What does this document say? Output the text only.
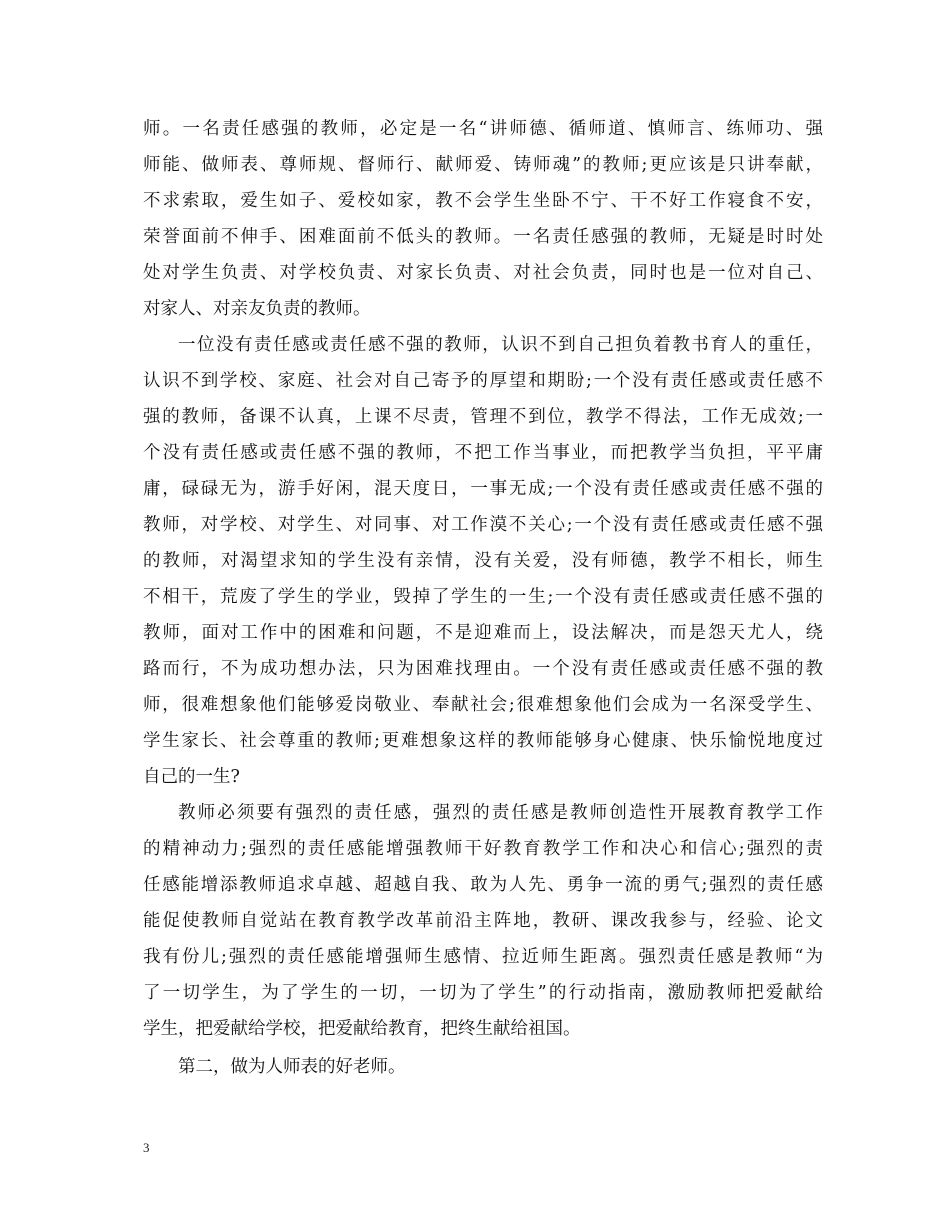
师。一名责任感强的教师，必定是一名“讲师德、循师道、慎师言、练师功、强
师能、做师表、尊师规、督师行、献师爱、铸师魂”的教师;更应该是只讲奉献，
不求索取，爱生如子、爱校如家，教不会学生坐卧不宁、干不好工作寝食不安，
荣誉面前不伸手、困难面前不低头的教师。一名责任感强的教师，无疑是时时处
处对学生负责、对学校负责、对家长负责、对社会负责，同时也是一位对自己、
对家人、对亲友负责的教师。
一位没有责任感或责任感不强的教师，认识不到自己担负着教书育人的重任，
认识不到学校、家庭、社会对自己寄予的厚望和期盼;一个没有责任感或责任感不
强的教师，备课不认真，上课不尽责，管理不到位，教学不得法，工作无成效;一
个没有责任感或责任感不强的教师，不把工作当事业，而把教学当负担，平平庸
庸，碌碌无为，游手好闲，混天度日，一事无成;一个没有责任感或责任感不强的
教师，对学校、对学生、对同事、对工作漠不关心;一个没有责任感或责任感不强
的教师，对渴望求知的学生没有亲情，没有关爱，没有师德，教学不相长，师生
不相干，荒废了学生的学业，毁掉了学生的一生;一个没有责任感或责任感不强的
教师，面对工作中的困难和问题，不是迎难而上，设法解决，而是怨天尤人，绕
路而行，不为成功想办法，只为困难找理由。一个没有责任感或责任感不强的教
师，很难想象他们能够爱岗敬业、奉献社会;很难想象他们会成为一名深受学生、
学生家长、社会尊重的教师;更难想象这样的教师能够身心健康、快乐愉悦地度过
自己的一生?
教师必须要有强烈的责任感，强烈的责任感是教师创造性开展教育教学工作
的精神动力;强烈的责任感能增强教师干好教育教学工作和决心和信心;强烈的责
任感能增添教师追求卓越、超越自我、敢为人先、勇争一流的勇气;强烈的责任感
能促使教师自觉站在教育教学改革前沿主阵地，教研、课改我参与，经验、论文
我有份儿;强烈的责任感能增强师生感情、拉近师生距离。强烈责任感是教师“为
了一切学生，为了学生的一切，一切为了学生”的行动指南，激励教师把爱献给
学生，把爱献给学校，把爱献给教育，把终生献给祖国。
第二，做为人师表的好老师。
3
